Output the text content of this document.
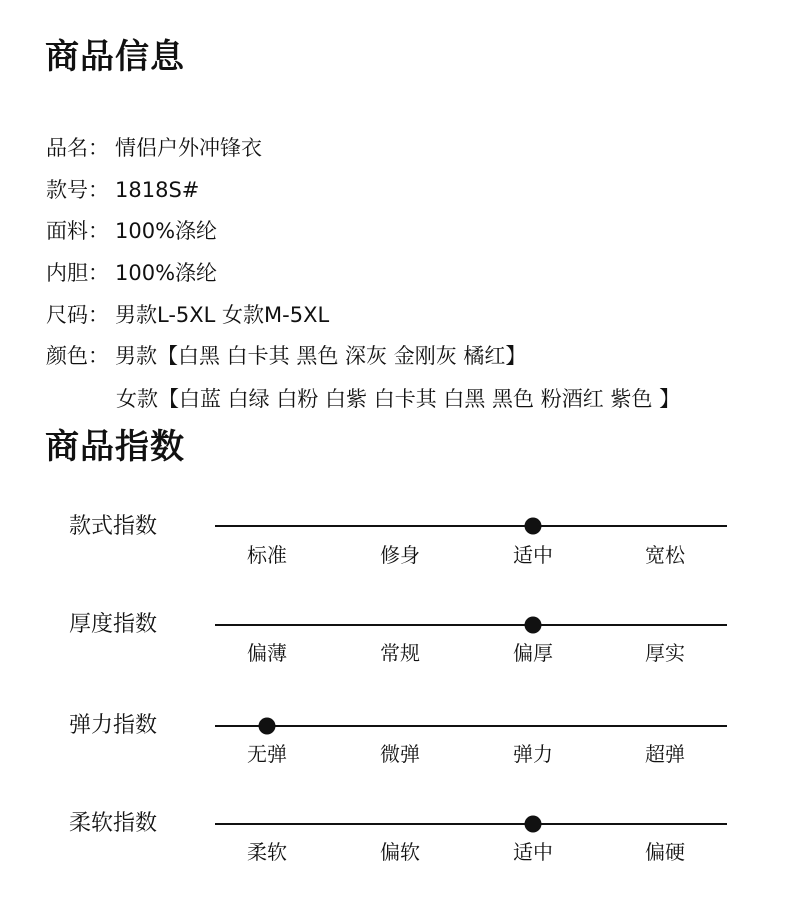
商品信息
品名： 情侣户外冲锋衣
款号： 1818S#
面料： 100%涤纶
内胆： 100%涤纶
尺码： 男款L-5XL 女款M-5XL
颜色： 男款【白黑 白卡其 黑色 深灰 金刚灰 橘红】
女款【白蓝 白绿 白粉 白紫 白卡其 白黑 黑色 粉酒红 紫色 】
商品指数
款式指数
标准	修身	适中	宽松
厚度指数
偏薄	常规	偏厚	厚实
弹力指数
无弹	微弹	弹力	超弹
柔软指数
柔软	偏软	适中	偏硬
